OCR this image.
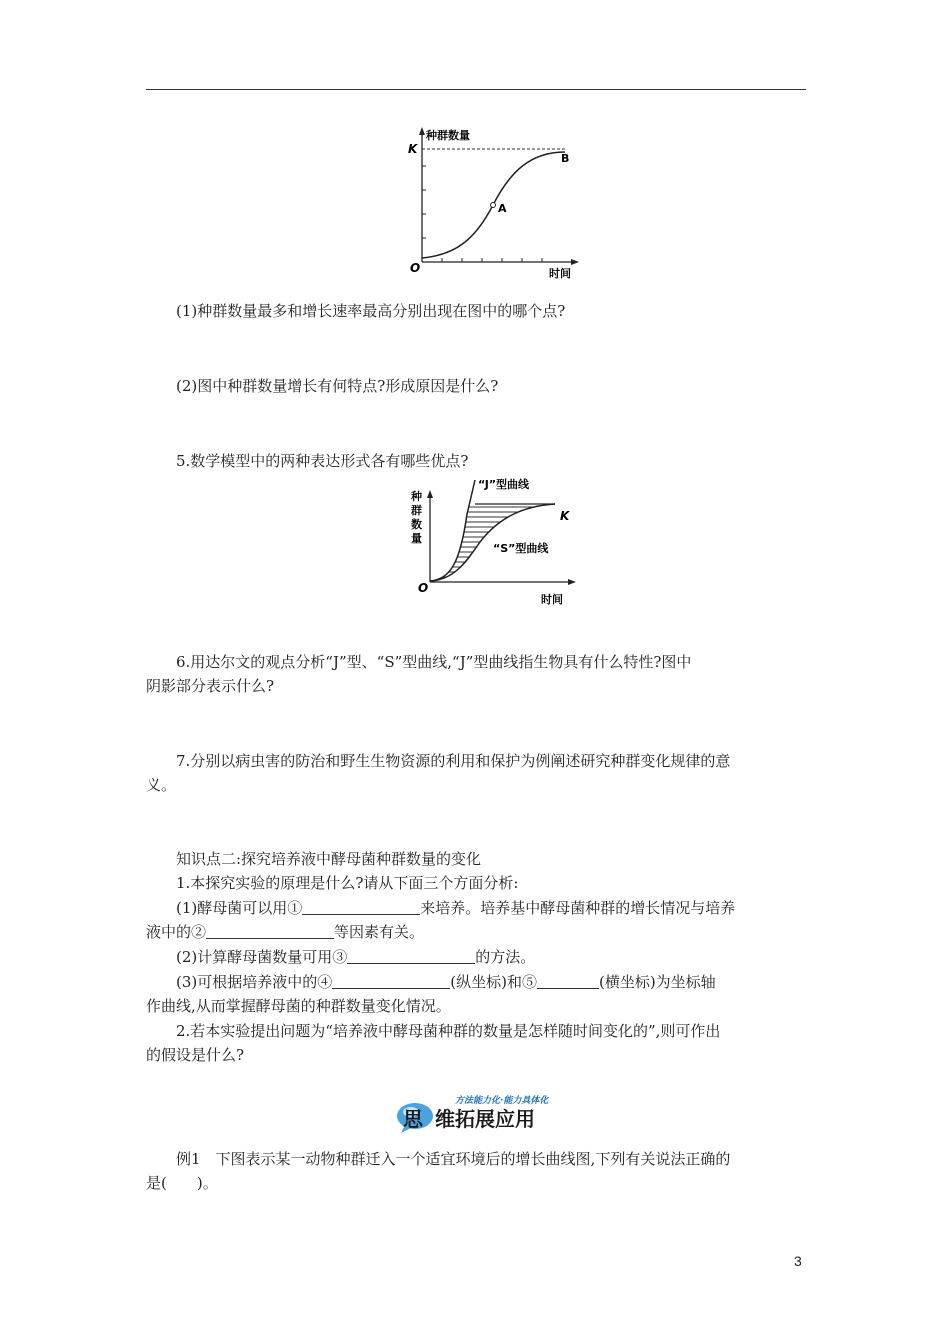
种群数量
K
A
B
O	时间
(1)种群数量最多和增长速率最高分别出现在图中的哪个点?
(2)图中种群数量增长有何特点?形成原因是什么?
5.数学模型中的两种表达形式各有哪些优点?
“J”型曲线
“S”型曲线
K
种
群
数
量
O
时间
6.用达尔文的观点分析“J”型、“S”型曲线,“J”型曲线指生物具有什么特性?图中
阴影部分表示什么?
7.分别以病虫害的防治和野生生物资源的利用和保护为例阐述研究种群变化规律的意
义。
知识点二:探究培养液中酵母菌种群数量的变化
1.本探究实验的原理是什么?请从下面三个方面分析:
(1)酵母菌可以用①	来培养。培养基中酵母菌种群的增长情况与培养
液中的②	等因素有关。
(2)计算酵母菌数量可用③	的方法。
(3)可根据培养液中的④	(纵坐标)和⑤	(横坐标)为坐标轴
作曲线,从而掌握酵母菌的种群数量变化情况。
2.若本实验提出问题为“培养液中酵母菌种群的数量是怎样随时间变化的”,则可作出
的假设是什么?
方法能力化·能力具体化
思 维拓展应用
例1　下图表示某一动物种群迁入一个适宜环境后的增长曲线图,下列有关说法正确的
是(　　)。
3
